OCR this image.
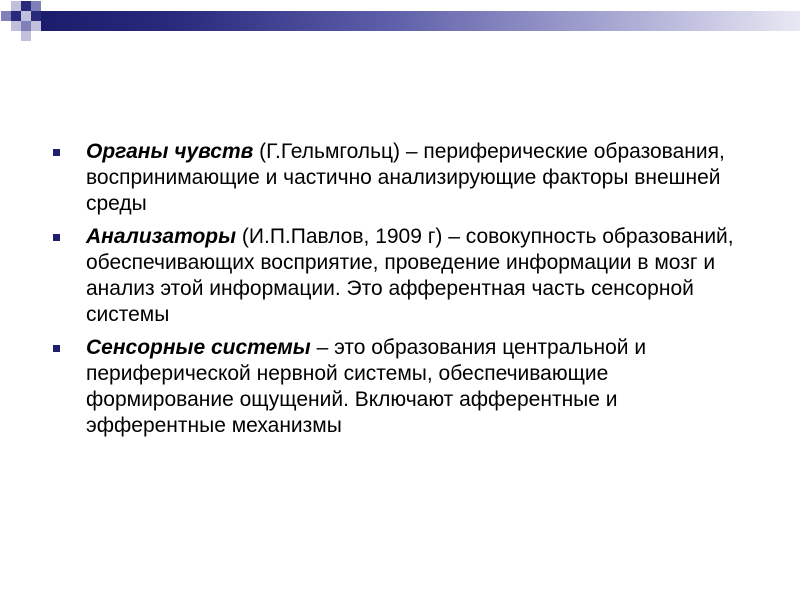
Органы чувств (Г.Гельмгольц) – периферические образования, воспринимающие и частично анализирующие факторы внешней среды
Анализаторы (И.П.Павлов, 1909 г) – совокупность образований, обеспечивающих восприятие, проведение информации в мозг и анализ этой информации. Это афферентная часть сенсорной системы
Сенсорные системы – это образования центральной и периферической нервной системы, обеспечивающие формирование ощущений. Включают афферентные и эфферентные механизмы
